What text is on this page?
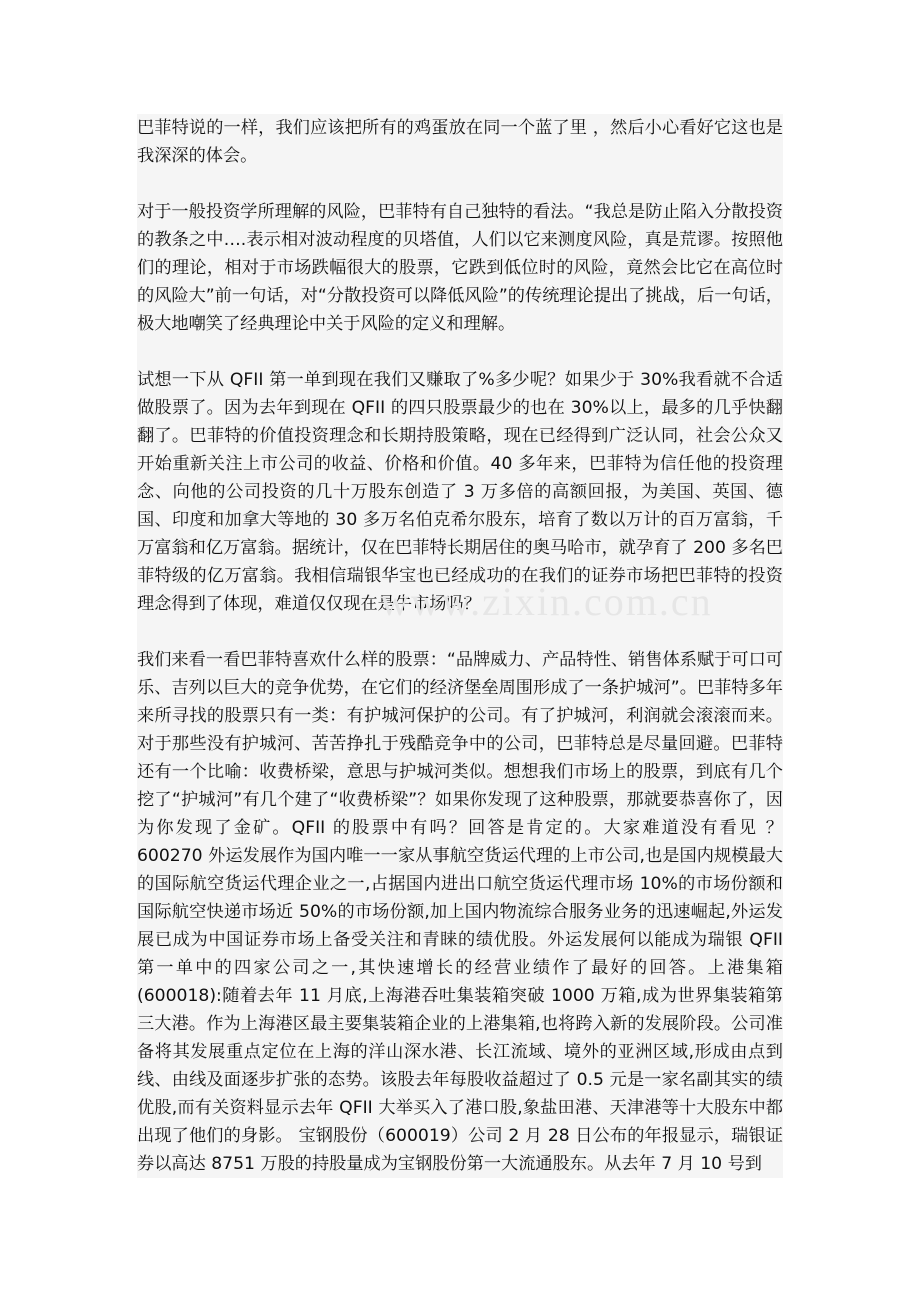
巴菲特说的一样，我们应该把所有的鸡蛋放在同一个蓝了里 ，然后小心看好它这也是我深深的体会。

对于一般投资学所理解的风险，巴菲特有自己独特的看法。“我总是防止陷入分散投资的教条之中….表示相对波动程度的贝塔值，人们以它来测度风险，真是荒谬。按照他们的理论，相对于市场跌幅很大的股票，它跌到低位时的风险，竟然会比它在高位时的风险大”前一句话，对“分散投资可以降低风险”的传统理论提出了挑战，后一句话，极大地嘲笑了经典理论中关于风险的定义和理解。

试想一下从 QFII 第一单到现在我们又赚取了%多少呢？如果少于 30%我看就不合适做股票了。因为去年到现在 QFII 的四只股票最少的也在 30%以上，最多的几乎快翻翻了。巴菲特的价值投资理念和长期持股策略，现在已经得到广泛认同，社会公众又开始重新关注上市公司的收益、价格和价值。40 多年来，巴菲特为信任他的投资理念、向他的公司投资的几十万股东创造了 3 万多倍的高额回报，为美国、英国、德国、印度和加拿大等地的 30 多万名伯克希尔股东，培育了数以万计的百万富翁，千万富翁和亿万富翁。据统计，仅在巴菲特长期居住的奥马哈市，就孕育了 200 多名巴菲特级的亿万富翁。我相信瑞银华宝也已经成功的在我们的证券市场把巴菲特的投资理念得到了体现，难道仅仅现在是牛市场吗？

我们来看一看巴菲特喜欢什么样的股票：“品牌威力、产品特性、销售体系赋于可口可乐、吉列以巨大的竞争优势，在它们的经济堡垒周围形成了一条护城河”。巴菲特多年来所寻找的股票只有一类：有护城河保护的公司。有了护城河，利润就会滚滚而来。对于那些没有护城河、苦苦挣扎于残酷竞争中的公司，巴菲特总是尽量回避。巴菲特还有一个比喻：收费桥梁，意思与护城河类似。想想我们市场上的股票，到底有几个挖了“护城河”有几个建了“收费桥梁”？如果你发现了这种股票，那就要恭喜你了，因为你发现了金矿。QFII 的股票中有吗？回答是肯定的。大家难道没有看见 ？ 600270 外运发展作为国内唯一一家从事航空货运代理的上市公司,也是国内规模最大的国际航空货运代理企业之一,占据国内进出口航空货运代理市场 10%的市场份额和国际航空快递市场近 50%的市场份额,加上国内物流综合服务业务的迅速崛起,外运发展已成为中国证券市场上备受关注和青睐的绩优股。外运发展何以能成为瑞银 QFII 第一单中的四家公司之一,其快速增长的经营业绩作了最好的回答。上港集箱(600018):随着去年 11 月底,上海港吞吐集装箱突破 1000 万箱,成为世界集装箱第三大港。作为上海港区最主要集装箱企业的上港集箱,也将跨入新的发展阶段。公司准备将其发展重点定位在上海的洋山深水港、长江流域、境外的亚洲区域,形成由点到线、由线及面逐步扩张的态势。该股去年每股收益超过了 0.5 元是一家名副其实的绩优股,而有关资料显示去年 QFII 大举买入了港口股,象盐田港、天津港等十大股东中都出现了他们的身影。 宝钢股份（600019）公司 2 月 28 日公布的年报显示，瑞银证券以高达 8751 万股的持股量成为宝钢股份第一大流通股东。从去年 7 月 10 号到

www.zixin.com.cn
